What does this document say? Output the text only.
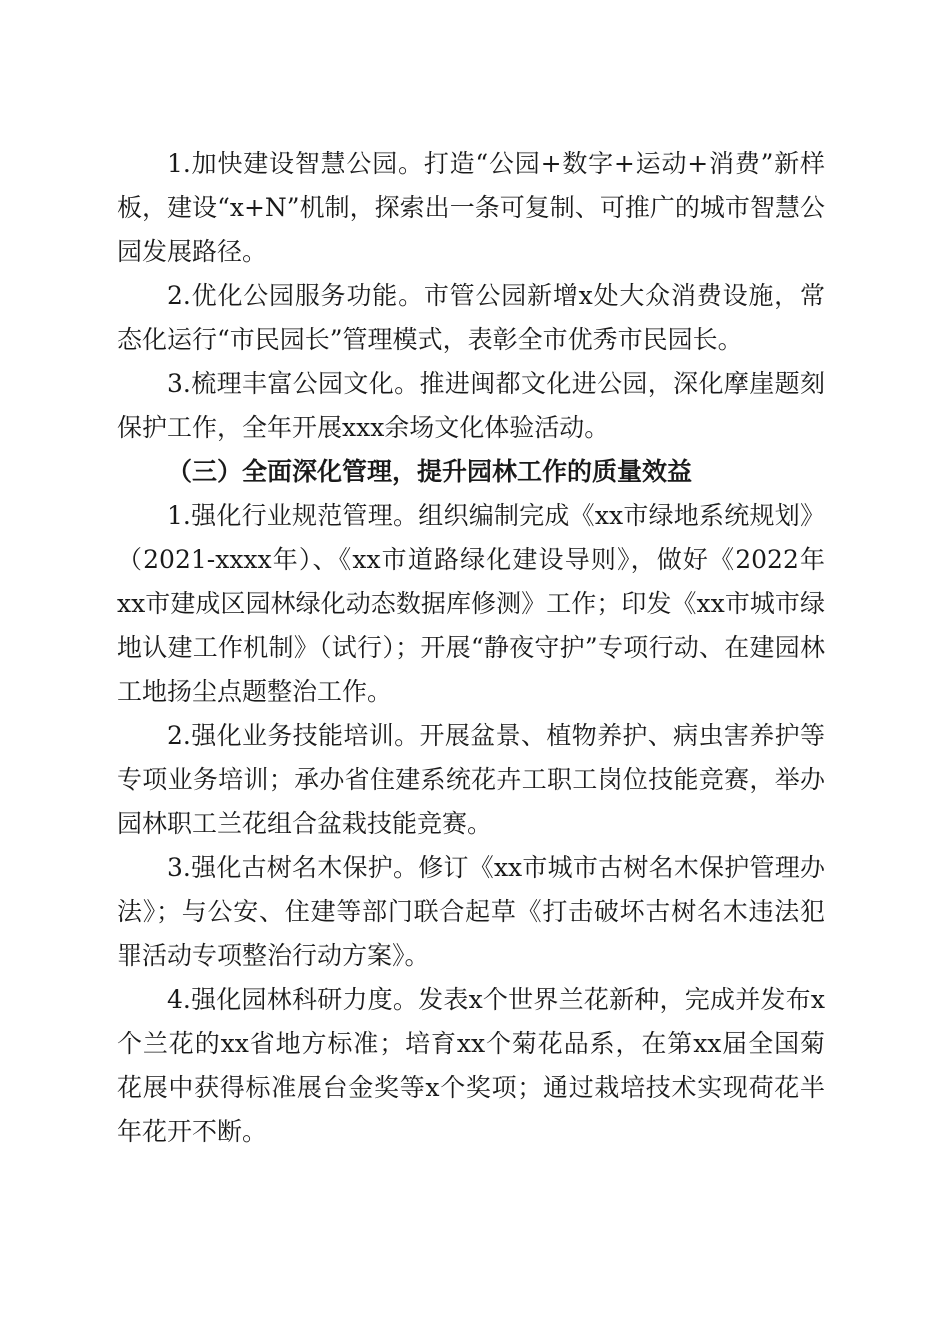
1.加快建设智慧公园。打造“公园+数字+运动+消费”新样板，建设“x+N”机制，探索出一条可复制、可推广的城市智慧公园发展路径。

2.优化公园服务功能。市管公园新增x处大众消费设施，常态化运行“市民园长”管理模式，表彰全市优秀市民园长。

3.梳理丰富公园文化。推进闽都文化进公园，深化摩崖题刻保护工作，全年开展xxx余场文化体验活动。

（三）全面深化管理，提升园林工作的质量效益

1.强化行业规范管理。组织编制完成《xx市绿地系统规划》（2021-xxxx年）、《xx市道路绿化建设导则》，做好《2022年xx市建成区园林绿化动态数据库修测》工作；印发《xx市城市绿地认建工作机制》（试行）；开展“静夜守护”专项行动、在建园林工地扬尘点题整治工作。

2.强化业务技能培训。开展盆景、植物养护、病虫害养护等专项业务培训；承办省住建系统花卉工职工岗位技能竞赛，举办园林职工兰花组合盆栽技能竞赛。

3.强化古树名木保护。修订《xx市城市古树名木保护管理办法》；与公安、住建等部门联合起草《打击破坏古树名木违法犯罪活动专项整治行动方案》。

4.强化园林科研力度。发表x个世界兰花新种，完成并发布x个兰花的xx省地方标准；培育xx个菊花品系，在第xx届全国菊花展中获得标准展台金奖等x个奖项；通过栽培技术实现荷花半年花开不断。
